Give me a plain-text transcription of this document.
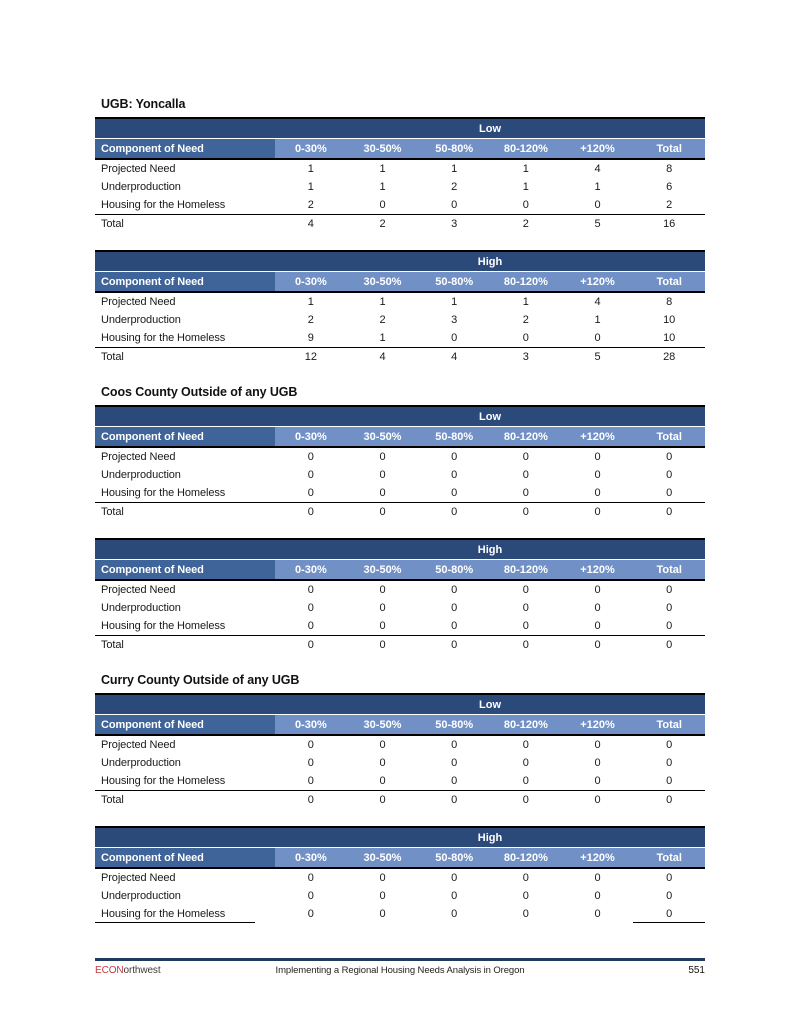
UGB: Yoncalla
Low
Component of Need	0-30%	30-50%	50-80%	80-120%	+120%	Total
Projected Need	1	1	1	1	4	8
Underproduction	1	1	2	1	1	6
Housing for the Homeless	2	0	0	0	0	2
Total	4	2	3	2	5	16
High
Component of Need	0-30%	30-50%	50-80%	80-120%	+120%	Total
Projected Need	1	1	1	1	4	8
Underproduction	2	2	3	2	1	10
Housing for the Homeless	9	1	0	0	0	10
Total	12	4	4	3	5	28
Coos County Outside of any UGB
Low
Component of Need	0-30%	30-50%	50-80%	80-120%	+120%	Total
Projected Need	0	0	0	0	0	0
Underproduction	0	0	0	0	0	0
Housing for the Homeless	0	0	0	0	0	0
Total	0	0	0	0	0	0
High
Component of Need	0-30%	30-50%	50-80%	80-120%	+120%	Total
Projected Need	0	0	0	0	0	0
Underproduction	0	0	0	0	0	0
Housing for the Homeless	0	0	0	0	0	0
Total	0	0	0	0	0	0
Curry County Outside of any UGB
Low
Component of Need	0-30%	30-50%	50-80%	80-120%	+120%	Total
Projected Need	0	0	0	0	0	0
Underproduction	0	0	0	0	0	0
Housing for the Homeless	0	0	0	0	0	0
Total	0	0	0	0	0	0
High
Component of Need	0-30%	30-50%	50-80%	80-120%	+120%	Total
Projected Need	0	0	0	0	0	0
Underproduction	0	0	0	0	0	0
Housing for the Homeless	0	0	0	0	0	0
ECONorthwest	Implementing a Regional Housing Needs Analysis in Oregon	551
